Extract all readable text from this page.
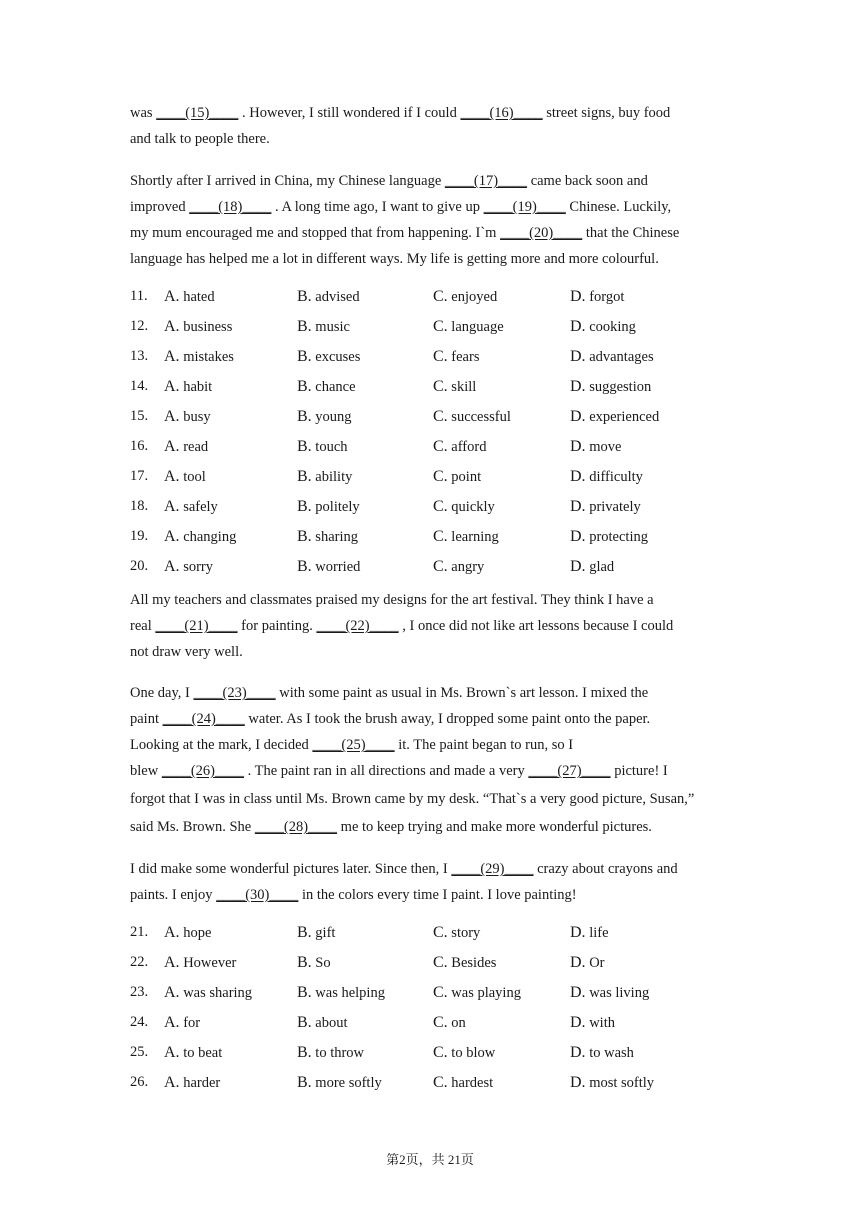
was ____(15)____ . However, I still wondered if I could ____(16)____ street signs, buy food
and talk to people there.
Shortly after I arrived in China, my Chinese language ____(17)____ came back soon and
improved ____(18)____ . A long time ago, I want to give up ____(19)____ Chinese. Luckily,
my mum encouraged me and stopped that from happening. Iˋm ____(20)____ that the Chinese
language has helped me a lot in different ways. My life is getting more and more colourful.
11.	A. hated	B. advised	C. enjoyed	D. forgot
12. A. business	B. music	C. language	D. cooking
13. A. mistakes	B. excuses	C. fears	D. advantages
14. A. habit	B. chance	C. skill	D. suggestion
15. A. busy	B. young	C. successful	D. experienced
16. A. read	B. touch	C. afford	D. move
17. A. tool	B. ability	C. point	D. difficulty
18. A. safely	B. politely	C. quickly	D. privately
19. A. changing	B. sharing	C. learning	D. protecting
20. A. sorry	B. worried	C. angry	D. glad
All my teachers and classmates praised my designs for the art festival. They think I have a
real ____(21)____ for painting. ____(22)____ , I once did not like art lessons because I could
not draw very well.
One day, I ____(23)____ with some paint as usual in Ms. Brownˋs art lesson. I mixed the
paint ____(24)____ water. As I took the brush away, I dropped some paint onto the paper.
Looking at the mark, I decided ____(25)____ it. The paint began to run, so I
blew ____(26)____ . The paint ran in all directions and made a very ____(27)____ picture! I
forgot that I was in class until Ms. Brown came by my desk. “Thatˋs a very good picture, Susan,”
said Ms. Brown. She ____(28)____ me to keep trying and make more wonderful pictures.
I did make some wonderful pictures later. Since then, I ____(29)____ crazy about crayons and
paints. I enjoy ____(30)____ in the colors every time I paint. I love painting!
21. A. hope	B. gift	C. story	D. life
22. A. However	B. So	C. Besides	D. Or
23. A. was sharing	B. was helping	C. was playing	D. was living
24. A. for	B. about	C. on	D. with
25. A. to beat	B. to throw	C. to blow	D. to wash
26. A. harder	B. more softly	C. hardest	D. most softly
第2页，共 21页
